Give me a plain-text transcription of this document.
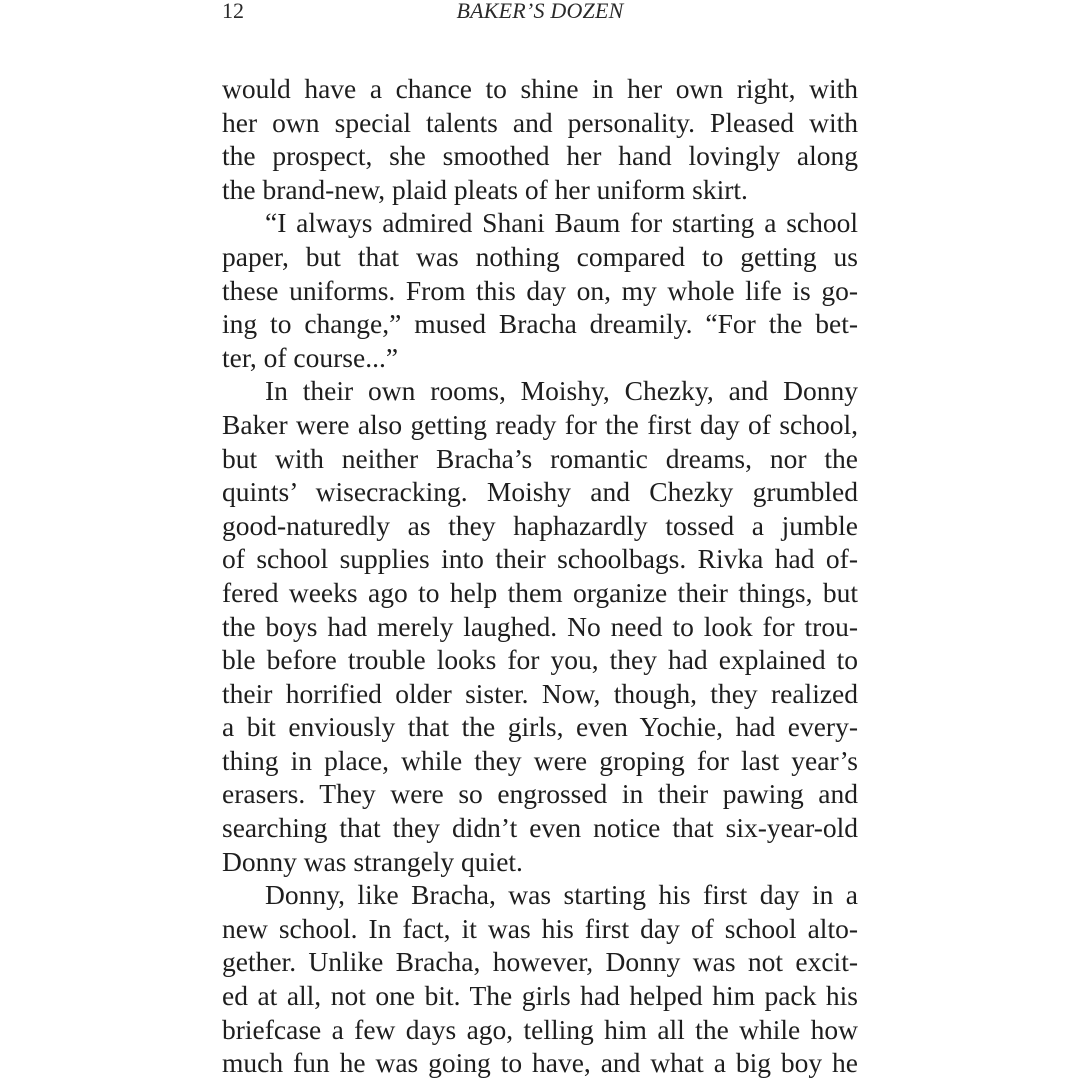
12	BAKER’S DOZEN
would have a chance to shine in her own right, with
her own special talents and personality. Pleased with
the prospect, she smoothed her hand lovingly along
the brand-new, plaid pleats of her uniform skirt.
“I always admired Shani Baum for starting a school
paper, but that was nothing compared to getting us
these uniforms. From this day on, my whole life is go-
ing to change,” mused Bracha dreamily. “For the bet-
ter, of course...”
In their own rooms, Moishy, Chezky, and Donny
Baker were also getting ready for the first day of school,
but with neither Bracha’s romantic dreams, nor the
quints’ wisecracking. Moishy and Chezky grumbled
good-naturedly as they haphazardly tossed a jumble
of school supplies into their schoolbags. Rivka had of-
fered weeks ago to help them organize their things, but
the boys had merely laughed. No need to look for trou-
ble before trouble looks for you, they had explained to
their horrified older sister. Now, though, they realized
a bit enviously that the girls, even Yochie, had every-
thing in place, while they were groping for last year’s
erasers. They were so engrossed in their pawing and
searching that they didn’t even notice that six-year-old
Donny was strangely quiet.
Donny, like Bracha, was starting his first day in a
new school. In fact, it was his first day of school alto-
gether. Unlike Bracha, however, Donny was not excit-
ed at all, not one bit. The girls had helped him pack his
briefcase a few days ago, telling him all the while how
much fun he was going to have, and what a big boy he
